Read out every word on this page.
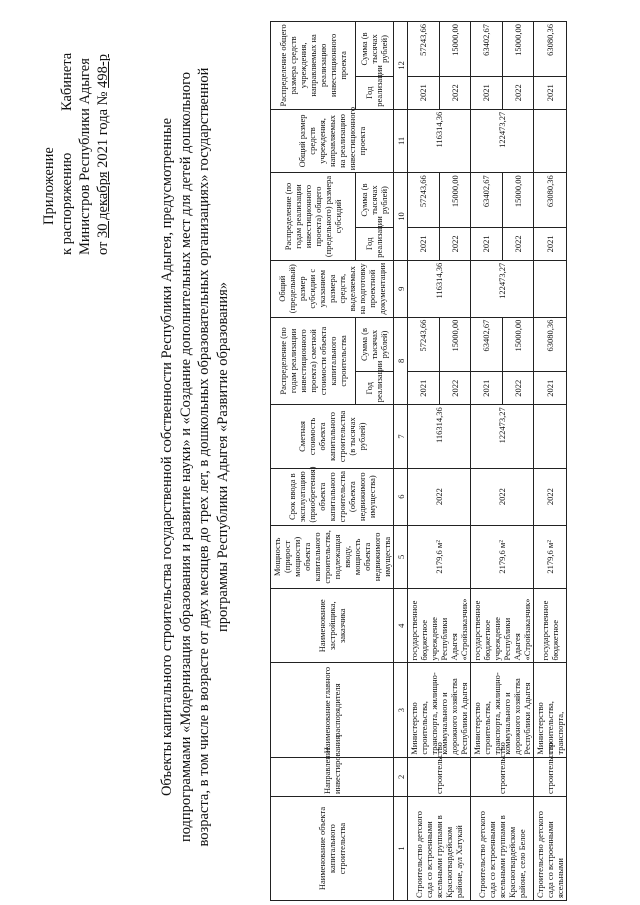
Приложение к распоряжению Кабинета Министров Республики Адыгея от 30 декабря 2021 года № 498-р
Объекты капитального строительства государственной собственности Республики Адыгея, предусмотренные подпрограммами «Модернизация образования и развитие науки» и «Создание дополнительных мест для детей дошкольного возраста, в том числе в возрасте от двух месяцев до трех лет, в дошкольных образовательных организациях» государственной программы Республики Адыгея «Развитие образования»
Наименование объекта капитального строительства	Направление инвестирования	Наименование главного распорядителя	Наименование застройщика, заказчика	Мощность (прирост мощности) объекта капитального строительства, подлежащая вводу, мощность объекта недвижимого имущества	Срок ввода в эксплуатацию (приобретения) объекта капитального строительства (объекта недвижимого имущества)	Сметная стоимость объекта капитального строительства (в тысячах рублей)	Распределение (по годам реализации инвестиционного проекта) сметной стоимости объекта капитального строительства		Общий (предельный) размер субсидии с указанием размера средств, выделяемых на подготовку проектной документации	Распределение (по годам реализации инвестиционного проекта) общего (предельного) размера субсидий		Общий размер средств учреждения, направляемых на реализацию инвестиционного проекта	Распределение общего размера средств учреждения, направляемых на реализацию инвестиционного проекта	
							Год реализации	Сумма (в тысячах рублей)		Год реализации	Сумма (в тысячах рублей)		Год реализации	Сумма (в тысячах рублей)
1	2	3	4	5	6	7	8		9	10		11	12	
Строительство детского сада со встроенными ясельными группами в Красногвардейском районе, аул Хатукай	строительство	Министерство строительства, транспорта, жилищно-коммунального и дорожного хозяйства Республики Адыгея	государственное бюджетное учреждение Республики Адыгея «Стройзаказчик»	2179,6 м²	2022	116314,36	2021	57243,66	116314,36	2021	57243,66	116314,36	2021	57243,66
							2022	15000,00		2022	15000,00		2022	15000,00
Строительство детского сада со встроенными ясельными группами в Красногвардейском районе, село Белое	строительство	Министерство строительства, транспорта, жилищно-коммунального и дорожного хозяйства Республики Адыгея	государственное бюджетное учреждение Республики Адыгея «Стройзаказчик»	2179,6 м²	2022	122473,27	2021	63402,67	122473,27	2021	63402,67	122473,27	2021	63402,67
							2022	15000,00		2022	15000,00		2022	15000,00
Строительство детского сада со встроенными ясельными	строительство	Министерство строительства, транспорта,	государственное бюджетное	2179,6 м²	2022		2021	63080,36		2021	63080,36		2021	63080,36
